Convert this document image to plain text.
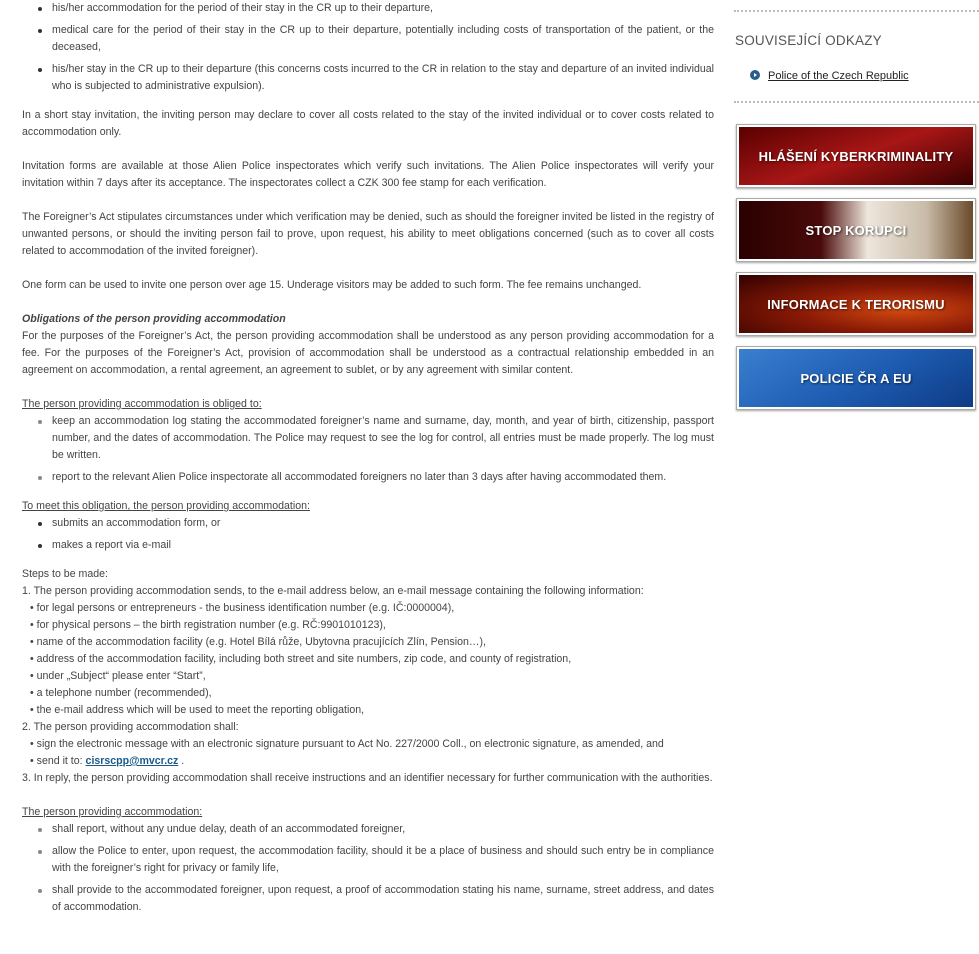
his/her accommodation for the period of their stay in the CR up to their departure,
medical care for the period of their stay in the CR up to their departure, potentially including costs of transportation of the patient, or the deceased,
his/her stay in the CR up to their departure (this concerns costs incurred to the CR in relation to the stay and departure of an invited individual who is subjected to administrative expulsion).

In a short stay invitation, the inviting person may declare to cover all costs related to the stay of the invited individual or to cover costs related to accommodation only.

Invitation forms are available at those Alien Police inspectorates which verify such invitations. The Alien Police inspectorates will verify your invitation within 7 days after its acceptance. The inspectorates collect a CZK 300 fee stamp for each verification.

The Foreigner’s Act stipulates circumstances under which verification may be denied, such as should the foreigner invited be listed in the registry of unwanted persons, or should the inviting person fail to prove, upon request, his ability to meet obligations concerned (such as to cover all costs related to accommodation of the invited foreigner).

One form can be used to invite one person over age 15. Underage visitors may be added to such form. The fee remains unchanged.

Obligations of the person providing accommodation

For the purposes of the Foreigner’s Act, the person providing accommodation shall be understood as any person providing accommodation for a fee. For the purposes of the Foreigner’s Act, provision of accommodation shall be understood as a contractual relationship embedded in an agreement on accommodation, a rental agreement, an agreement to sublet, or by any agreement with similar content.

The person providing accommodation is obliged to:

keep an accommodation log stating the accommodated foreigner’s name and surname, day, month, and year of birth, citizenship, passport number, and the dates of accommodation. The Police may request to see the log for control, all entries must be made properly. The log must be written.
report to the relevant Alien Police inspectorate all accommodated foreigners no later than 3 days after having accommodated them.

To meet this obligation, the person providing accommodation:

submits an accommodation form, or
makes a report via e-mail

Steps to be made:

1. The person providing accommodation sends, to the e-mail address below, an e-mail message containing the following information:

• for legal persons or entrepreneurs - the business identification number (e.g. IČ:0000004),

• for physical persons – the birth registration number (e.g. RČ:9901010123),

• name of the accommodation facility (e.g. Hotel Bílá růže, Ubytovna pracujících Zlín, Pension…),

• address of the accommodation facility, including both street and site numbers, zip code, and county of registration,

• under „Subject“ please enter “Start”,

• a telephone number (recommended),

• the e-mail address which will be used to meet the reporting obligation,

2. The person providing accommodation shall:

• sign the electronic message with an electronic signature pursuant to Act No. 227/2000 Coll., on electronic signature, as amended, and

• send it to: cisrscpp@mvcr.cz .

3. In reply, the person providing accommodation shall receive instructions and an identifier necessary for further communication with the authorities.

The person providing accommodation:

shall report, without any undue delay, death of an accommodated foreigner,
allow the Police to enter, upon request, the accommodation facility, should it be a place of business and should such entry be in compliance with the foreigner’s right for privacy or family life,
shall provide to the accommodated foreigner, upon request, a proof of accommodation stating his name, surname, street address, and dates of accommodation.
SOUVISEJÍCÍ ODKAZY
Police of the Czech Republic
HLÁŠENÍ KYBERKRIMINALITY
STOP KORUPCI
INFORMACE K TERORISMU
POLICIE ČR A EU
